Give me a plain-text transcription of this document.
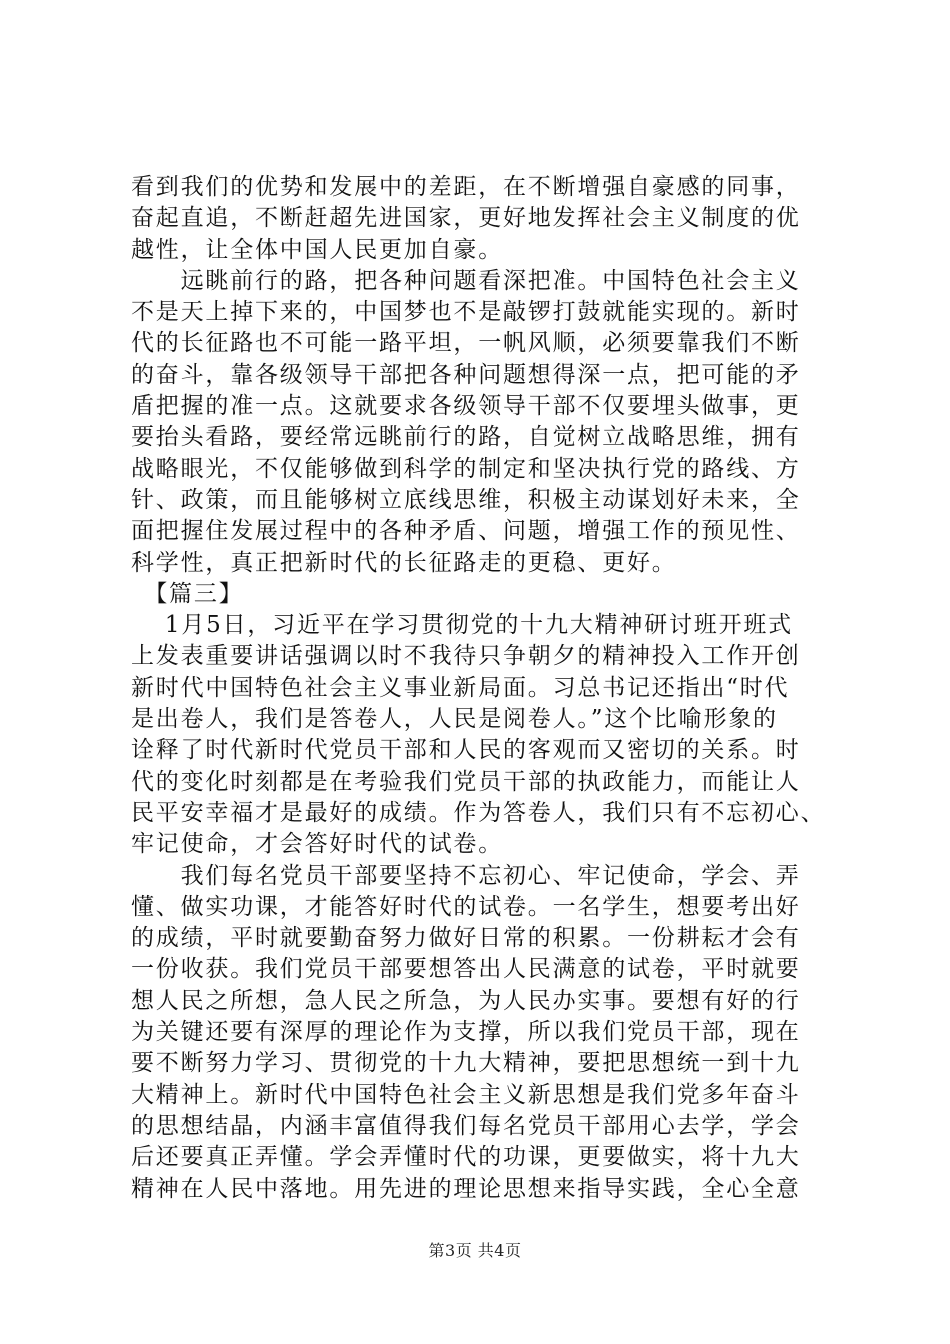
看到我们的优势和发展中的差距，在不断增强自豪感的同事，
奋起直追，不断赶超先进国家，更好地发挥社会主义制度的优
越性，让全体中国人民更加自豪。
　　远眺前行的路，把各种问题看深把准。中国特色社会主义
不是天上掉下来的，中国梦也不是敲锣打鼓就能实现的。新时
代的长征路也不可能一路平坦，一帆风顺，必须要靠我们不断
的奋斗，靠各级领导干部把各种问题想得深一点，把可能的矛
盾把握的准一点。这就要求各级领导干部不仅要埋头做事，更
要抬头看路，要经常远眺前行的路，自觉树立战略思维，拥有
战略眼光，不仅能够做到科学的制定和坚决执行党的路线、方
针、政策，而且能够树立底线思维，积极主动谋划好未来，全
面把握住发展过程中的各种矛盾、问题，增强工作的预见性、
科学性，真正把新时代的长征路走的更稳、更好。
　【篇三】
　 1月5日，习近平在学习贯彻党的十九大精神研讨班开班式
上发表重要讲话强调以时不我待只争朝夕的精神投入工作开创
新时代中国特色社会主义事业新局面。习总书记还指出“时代
是出卷人，我们是答卷人，人民是阅卷人。”这个比喻形象的
诠释了时代新时代党员干部和人民的客观而又密切的关系。时
代的变化时刻都是在考验我们党员干部的执政能力，而能让人
民平安幸福才是最好的成绩。作为答卷人，我们只有不忘初心、
牢记使命，才会答好时代的试卷。
　　我们每名党员干部要坚持不忘初心、牢记使命，学会、弄
懂、做实功课，才能答好时代的试卷。一名学生，想要考出好
的成绩，平时就要勤奋努力做好日常的积累。一份耕耘才会有
一份收获。我们党员干部要想答出人民满意的试卷，平时就要
想人民之所想，急人民之所急，为人民办实事。要想有好的行
为关键还要有深厚的理论作为支撑，所以我们党员干部，现在
要不断努力学习、贯彻党的十九大精神，要把思想统一到十九
大精神上。新时代中国特色社会主义新思想是我们党多年奋斗
的思想结晶，内涵丰富值得我们每名党员干部用心去学，学会
后还要真正弄懂。学会弄懂时代的功课，更要做实，将十九大
精神在人民中落地。用先进的理论思想来指导实践，全心全意
第3页 共4页
